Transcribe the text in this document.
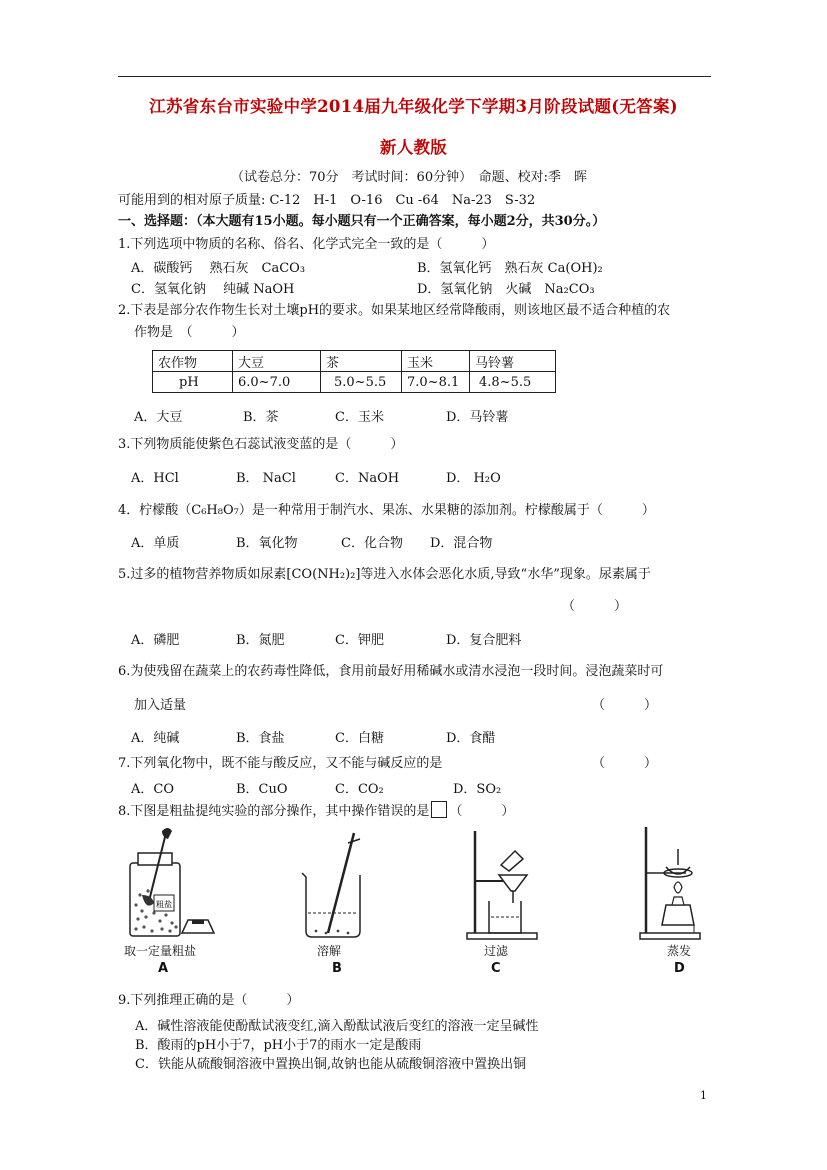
江苏省东台市实验中学2014届九年级化学下学期3月阶段试题(无答案)
新人教版
（试卷总分：70分　考试时间：60分钟）　命题、校对:季　晖
可能用到的相对原子质量: C-12　H-1　O-16　Cu -64　Na-23　S-32
一、选择题：（本大题有15小题。每小题只有一个正确答案，每小题2分，共30分。）
1.下列选项中物质的名称、俗名、化学式完全一致的是（　　　）
A．碳酸钙　 熟石灰　CaCO₃	B．氢氧化钙　熟石灰 Ca(OH)₂
C．氢氧化钠　 纯碱 NaOH	D．氢氧化钠　火碱　Na₂CO₃
2.下表是部分农作物生长对土壤pH的要求。如果某地区经常降酸雨，则该地区最不适合种植的农
作物是　（　　　）
农作物	大豆	茶	玉米	马铃薯
pH	6.0~7.0	5.0~5.5	7.0~8.1	4.8~5.5
A．大豆	B．茶	C．玉米	D．马铃薯
3.下列物质能使紫色石蕊试液变蓝的是（　　　）
A．HCl	B． NaCl	C．NaOH	D． H₂O
4．柠檬酸（C₆H₈O₇）是一种常用于制汽水、果冻、水果糖的添加剂。柠檬酸属于（　　　）
A．单质	B．氧化物	C．化合物 D．混合物
5.过多的植物营养物质如尿素[CO(NH₂)₂]等进入水体会恶化水质,导致“水华”现象。尿素属于
（　　　）
A．磷肥	B．氮肥	C．钾肥	D．复合肥料
6.为使残留在蔬菜上的农药毒性降低，食用前最好用稀碱水或清水浸泡一段时间。浸泡蔬菜时可
加入适量	（　　　）
A．纯碱	B．食盐	C．白糖	D．食醋
7.下列氧化物中，既不能与酸反应，又不能与碱反应的是	（　　　）
A．CO	B．CuO	C．CO₂	D．SO₂
8.下图是粗盐提纯实验的部分操作，其中操作错误的是 （　　　）
粗盐
取一定量粗盐
A
溶解
B
过滤
C
蒸发
D
9.下列推理正确的是（　　　）
A．碱性溶液能使酚酞试液变红,滴入酚酞试液后变红的溶液一定呈碱性
B．酸雨的pH小于7，pH小于7的雨水一定是酸雨
C．铁能从硫酸铜溶液中置换出铜,故钠也能从硫酸铜溶液中置换出铜
1
